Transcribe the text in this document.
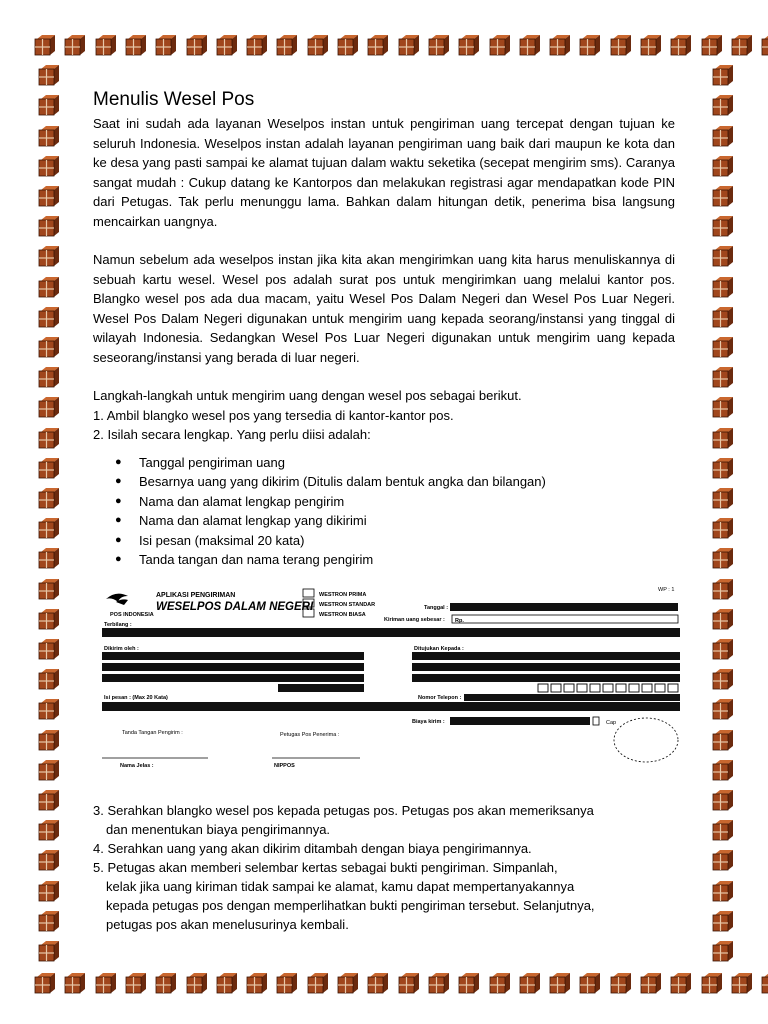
Menulis Wesel Pos

Saat ini sudah ada layanan Weselpos instan untuk pengiriman uang tercepat dengan tujuan ke seluruh Indonesia. Weselpos instan adalah layanan pengiriman uang baik dari maupun ke kota dan ke desa yang pasti sampai ke alamat tujuan dalam waktu seketika (secepat mengirim sms). Caranya sangat mudah : Cukup datang ke Kantorpos dan melakukan registrasi agar mendapatkan kode PIN dari Petugas. Tak perlu menunggu lama. Bahkan dalam hitungan detik, penerima bisa langsung mencairkan uangnya.

Namun sebelum ada weselpos instan jika kita akan mengirimkan uang kita harus menuliskannya di sebuah kartu wesel. Wesel pos adalah surat pos untuk mengirimkan uang melalui kantor pos. Blangko wesel pos ada dua macam, yaitu Wesel Pos Dalam Negeri dan Wesel Pos Luar Negeri. Wesel Pos Dalam Negeri digunakan untuk mengirim uang kepada seorang/instansi yang tinggal di wilayah Indonesia. Sedangkan Wesel Pos Luar Negeri digunakan untuk mengirim uang kepada seseorang/instansi yang berada di luar negeri.

Langkah-langkah untuk mengirim uang dengan wesel pos sebagai berikut.

1. Ambil blangko wesel pos yang tersedia di kantor-kantor pos.

2. Isilah secara lengkap. Yang perlu diisi adalah:

● Tanggal pengiriman uang
● Besarnya uang yang dikirim (Ditulis dalam bentuk angka dan bilangan)
● Nama dan alamat lengkap pengirim
● Nama dan alamat lengkap yang dikirimi
● Isi pesan (maksimal 20 kata)
● Tanda tangan dan nama terang pengirim
WP : 1
POS INDONESIA
APLIKASI PENGIRIMAN
WESELPOS DALAM NEGERI
WESTRON PRIMA
WESTRON STANDAR
WESTRON BIASA
Tanggal :
Kiriman uang sebesar : Rp.
Terbilang :
Dikirim oleh :	Ditujukan Kepada :
Isi pesan : (Max 20 Kata)	Nomor Telepon :
Biaya kirim :	Cap
Tanda Tangan Pengirim :	Petugas Pos Penerima :
Nama Jelas :	NIPPOS

3. Serahkan blangko wesel pos kepada petugas pos. Petugas pos akan memeriksanya

dan menentukan biaya pengirimannya.

4. Serahkan uang yang akan dikirim ditambah dengan biaya pengirimannya.

5. Petugas akan memberi selembar kertas sebagai bukti pengiriman. Simpanlah,

kelak jika uang kiriman tidak sampai ke alamat, kamu dapat mempertanyakannya

kepada petugas pos dengan memperlihatkan bukti pengiriman tersebut. Selanjutnya,

petugas pos akan menelusurinya kembali.
